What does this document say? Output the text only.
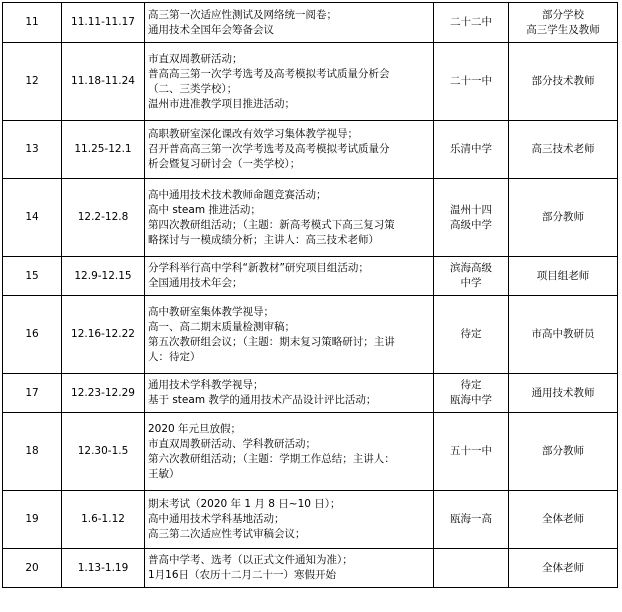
11	11.11-11.17	高三第一次适应性测试及网络统一阅卷；
通用技术全国年会筹备会议	二十二中	部分学校
高三学生及教师

12	11.18-11.24	市直双周教研活动；
普高高三第一次学考选考及高考模拟考试质量分析会
（二、三类学校）；
温州市进准教学项目推进活动；	二十一中	部分技术教师

13	11.25-12.1	高职教研室深化课改有效学习集体教学视导；
召开普高高三第一次学考选考及高考模拟考试质量分
析会暨复习研讨会（一类学校）；	乐清中学	高三技术老师

14	12.2-12.8	高中通用技术技术教师命题竞赛活动；
高中 steam 推进活动；
第四次教研组活动；（主题：新高考模式下高三复习策
略探讨与一模成绩分析；主讲人：高三技术老师）	温州十四
高级中学	部分教师

15	12.9-12.15	分学科举行高中学科“新教材”研究项目组活动；
全国通用技术年会；	滨海高级
中学	项目组老师

16	12.16-12.22	高中教研室集体教学视导；
高一、高二期末质量检测审稿；
第五次教研组会议；（主题：期末复习策略研讨；主讲
人：待定）	待定	市高中教研员

17	12.23-12.29	通用技术学科教学视导；
基于 steam 教学的通用技术产品设计评比活动；	待定
瓯海中学	通用技术教师

18	12.30-1.5	2020 年元旦放假；
市直双周教研活动、学科教研活动；
第六次教研组活动；（主题：学期工作总结；主讲人：
王敏）	五十一中	部分教师

19	1.6-1.12	期末考试（2020 年 1 月 8 日~10 日）；
高中通用技术学科基地活动；
高三第二次适应性考试审稿会议；	瓯海一高	全体老师

20	1.13-1.19	普高中学考、选考（以正式文件通知为准）；
1月16日（农历十二月二十一）寒假开始		全体老师
